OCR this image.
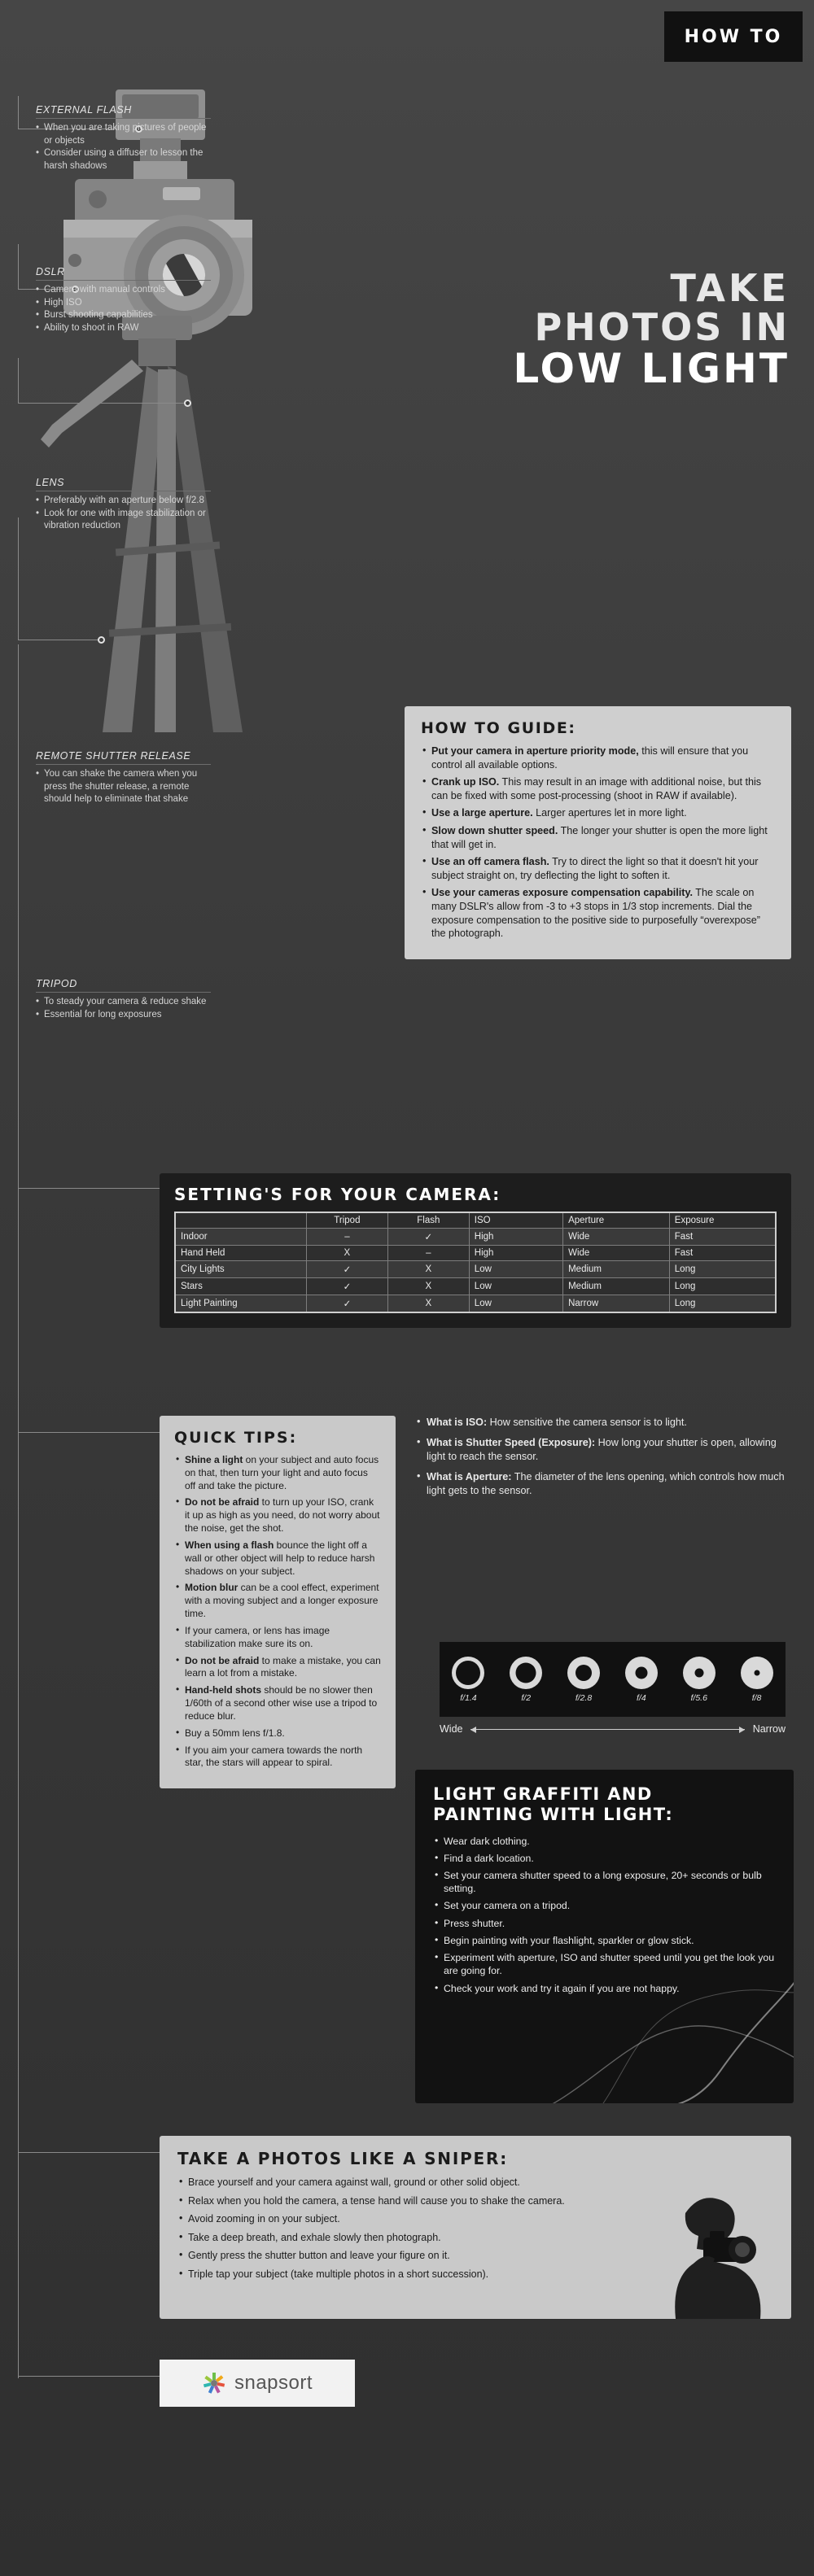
HOW TO
EXTERNAL FLASH
• When you are taking pictures of people or objects
• Consider using a diffuser to lesson the harsh shadows
DSLR
• Camera with manual controls
• High ISO
• Burst shooting capabilities
• Ability to shoot in RAW
LENS
• Preferably with an aperture below f/2.8
• Look for one with image stabilization or vibration reduction
REMOTE SHUTTER RELEASE
• You can shake the camera when you press the shutter release, a remote should help to eliminate that shake
TRIPOD
• To steady your camera & reduce shake
• Essential for long exposures
TAKE
PHOTOS IN
LOW LIGHT
HOW TO GUIDE:
• Put your camera in aperture priority mode, this will ensure that you control all available options.
• Crank up ISO. This may result in an image with additional noise, but this can be fixed with some post-processing (shoot in RAW if available).
• Use a large aperture. Larger apertures let in more light.
• Slow down shutter speed. The longer your shutter is open the more light that will get in.
• Use an off camera flash. Try to direct the light so that it doesn't hit your subject straight on, try deflecting the light to soften it.
• Use your cameras exposure compensation capability. The scale on many DSLR's allow from -3 to +3 stops in 1/3 stop increments. Dial the exposure compensation to the positive side to purposefully “overexpose” the photograph.
SETTING'S FOR YOUR CAMERA:
	Tripod	Flash	ISO	Aperture	Exposure
Indoor	–	✓	High	Wide	Fast
Hand Held	X	–	High	Wide	Fast
City Lights	✓	X	Low	Medium	Long
Stars	✓	X	Low	Medium	Long
Light Painting	✓	X	Low	Narrow	Long
QUICK TIPS:
• Shine a light on your subject and auto focus on that, then turn your light and auto focus off and take the picture.
• Do not be afraid to turn up your ISO, crank it up as high as you need, do not worry about the noise, get the shot.
• When using a flash bounce the light off a wall or other object will help to reduce harsh shadows on your subject.
• Motion blur can be a cool effect, experiment with a moving subject and a longer exposure time.
• If your camera, or lens has image stabilization make sure its on.
• Do not be afraid to make a mistake, you can learn a lot from a mistake.
• Hand-held shots should be no slower then 1/60th of a second other wise use a tripod to reduce blur.
• Buy a 50mm lens f/1.8.
• If you aim your camera towards the north star, the stars will appear to spiral.
• What is ISO: How sensitive the camera sensor is to light.
• What is Shutter Speed (Exposure): How long your shutter is open, allowing light to reach the sensor.
• What is Aperture: The diameter of the lens opening, which controls how much light gets to the sensor.
f/1.4	f/2	f/2.8	f/4	f/5.6	f/8
Wide	Narrow
LIGHT GRAFFITI AND
PAINTING WITH LIGHT:
• Wear dark clothing.
• Find a dark location.
• Set your camera shutter speed to a long exposure, 20+ seconds or bulb setting.
• Set your camera on a tripod.
• Press shutter.
• Begin painting with your flashlight, sparkler or glow stick.
• Experiment with aperture, ISO and shutter speed until you get the look you are going for.
• Check your work and try it again if you are not happy.
TAKE A PHOTOS LIKE A SNIPER:
• Brace yourself and your camera against wall, ground or other solid object.
• Relax when you hold the camera, a tense hand will cause you to shake the camera.
• Avoid zooming in on your subject.
• Take a deep breath, and exhale slowly then photograph.
• Gently press the shutter button and leave your figure on it.
• Triple tap your subject (take multiple photos in a short succession).
snapsort
